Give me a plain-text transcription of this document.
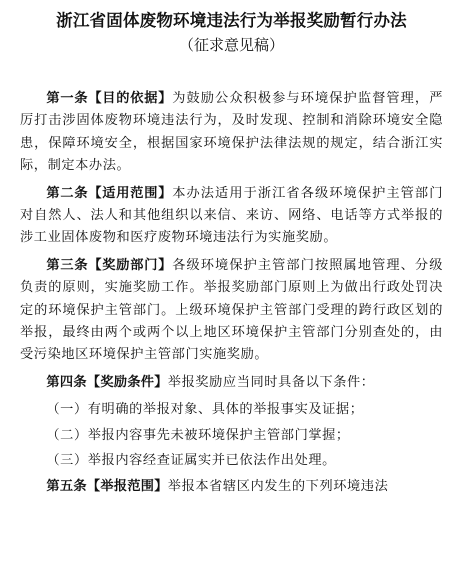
浙江省固体废物环境违法行为举报奖励暂行办法
（征求意见稿）

第一条【目的依据】为鼓励公众积极参与环境保护监督管理，严厉打击涉固体废物环境违法行为，及时发现、控制和消除环境安全隐患，保障环境安全，根据国家环境保护法律法规的规定，结合浙江实际，制定本办法。

第二条【适用范围】本办法适用于浙江省各级环境保护主管部门对自然人、法人和其他组织以来信、来访、网络、电话等方式举报的涉工业固体废物和医疗废物环境违法行为实施奖励。

第三条【奖励部门】各级环境保护主管部门按照属地管理、分级负责的原则，实施奖励工作。举报奖励部门原则上为做出行政处罚决定的环境保护主管部门。上级环境保护主管部门受理的跨行政区划的举报，最终由两个或两个以上地区环境保护主管部门分别查处的，由受污染地区环境保护主管部门实施奖励。

第四条【奖励条件】举报奖励应当同时具备以下条件：

（一）有明确的举报对象、具体的举报事实及证据；

（二）举报内容事先未被环境保护主管部门掌握；

（三）举报内容经查证属实并已依法作出处理。

第五条【举报范围】举报本省辖区内发生的下列环境违法
